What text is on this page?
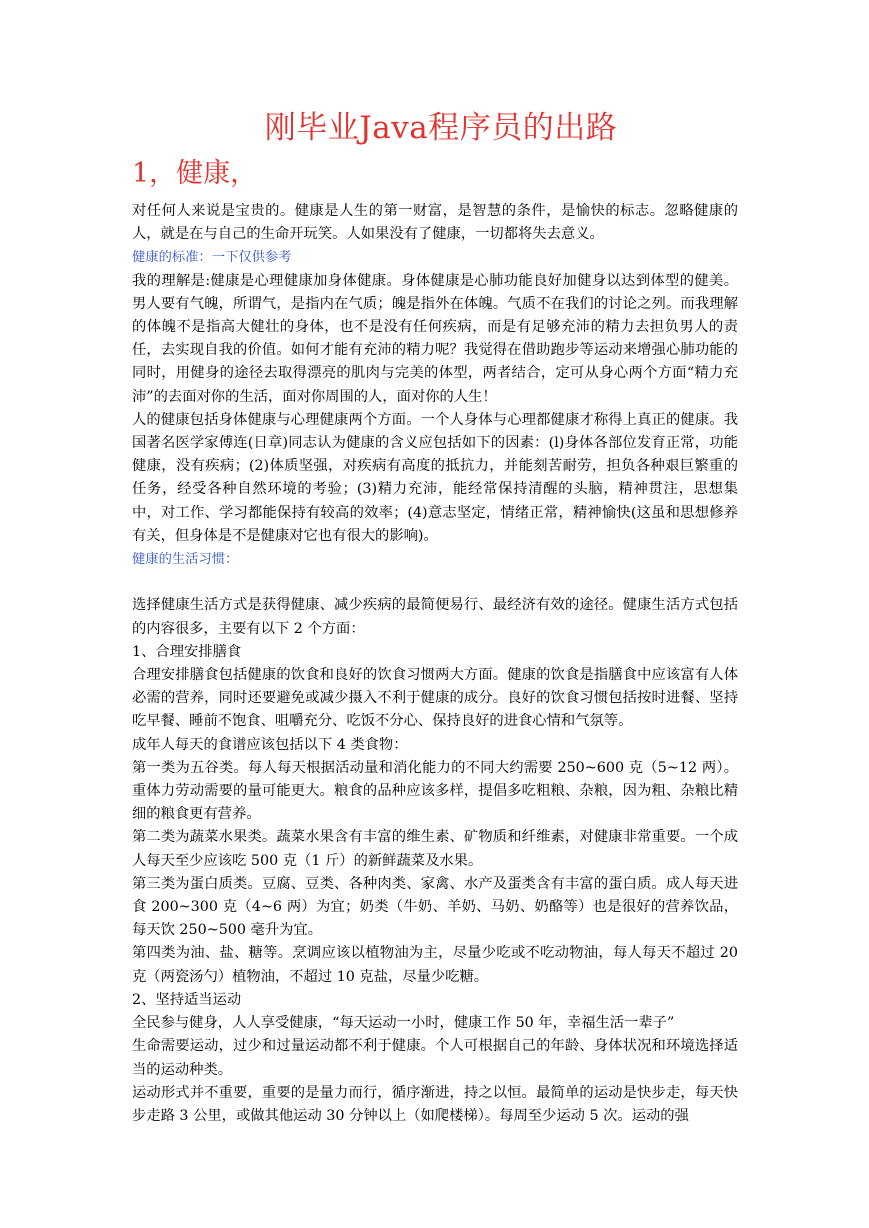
刚毕业Java程序员的出路
1，健康，

对任何人来说是宝贵的。健康是人生的第一财富，是智慧的条件，是愉快的标志。忽略健康的人，就是在与自己的生命开玩笑。人如果没有了健康，一切都将失去意义。

健康的标准：一下仅供参考

我的理解是:健康是心理健康加身体健康。身体健康是心肺功能良好加健身以达到体型的健美。 男人要有气魄，所谓气，是指内在气质；魄是指外在体魄。气质不在我们的讨论之列。而我理解的体魄不是指高大健壮的身体，也不是没有任何疾病，而是有足够充沛的精力去担负男人的责任，去实现自我的价值。如何才能有充沛的精力呢？我觉得在借助跑步等运动来增强心肺功能的同时，用健身的途径去取得漂亮的肌肉与完美的体型，两者结合，定可从身心两个方面“精力充沛”的去面对你的生活，面对你周围的人，面对你的人生！

人的健康包括身体健康与心理健康两个方面。一个人身体与心理都健康才称得上真正的健康。我国著名医学家傅连(日章)同志认为健康的含义应包括如下的因素：(l)身体各部位发育正常，功能健康，没有疾病；(2)体质坚强，对疾病有高度的抵抗力，并能刻苦耐劳，担负各种艰巨繁重的任务，经受各种自然环境的考验；(3)精力充沛，能经常保持清醒的头脑，精神贯注，思想集中，对工作、学习都能保持有较高的效率；(4)意志坚定，情绪正常，精神愉快(这虽和思想修养有关，但身体是不是健康对它也有很大的影响)。

健康的生活习惯：

选择健康生活方式是获得健康、减少疾病的最简便易行、最经济有效的途径。健康生活方式包括的内容很多，主要有以下 2 个方面：

1、合理安排膳食

合理安排膳食包括健康的饮食和良好的饮食习惯两大方面。健康的饮食是指膳食中应该富有人体必需的营养，同时还要避免或减少摄入不利于健康的成分。良好的饮食习惯包括按时进餐、坚持吃早餐、睡前不饱食、咀嚼充分、吃饭不分心、保持良好的进食心情和气氛等。

成年人每天的食谱应该包括以下 4 类食物：

第一类为五谷类。每人每天根据活动量和消化能力的不同大约需要 250~600 克（5~12 两）。重体力劳动需要的量可能更大。粮食的品种应该多样，提倡多吃粗粮、杂粮，因为粗、杂粮比精细的粮食更有营养。

第二类为蔬菜水果类。蔬菜水果含有丰富的维生素、矿物质和纤维素，对健康非常重要。一个成人每天至少应该吃 500 克（1 斤）的新鲜蔬菜及水果。

第三类为蛋白质类。豆腐、豆类、各种肉类、家禽、水产及蛋类含有丰富的蛋白质。成人每天进食 200~300 克（4~6 两）为宜；奶类（牛奶、羊奶、马奶、奶酪等）也是很好的营养饮品，每天饮 250~500 毫升为宜。

第四类为油、盐、糖等。烹调应该以植物油为主，尽量少吃或不吃动物油，每人每天不超过 20 克（两瓷汤勺）植物油，不超过 10 克盐，尽量少吃糖。

2、坚持适当运动

全民参与健身，人人享受健康，“每天运动一小时，健康工作 50 年，幸福生活一辈子”

生命需要运动，过少和过量运动都不利于健康。个人可根据自己的年龄、身体状况和环境选择适当的运动种类。

运动形式并不重要，重要的是量力而行，循序渐进，持之以恒。最简单的运动是快步走，每天快步走路 3 公里，或做其他运动 30 分钟以上（如爬楼梯）。每周至少运动 5 次。运动的强
